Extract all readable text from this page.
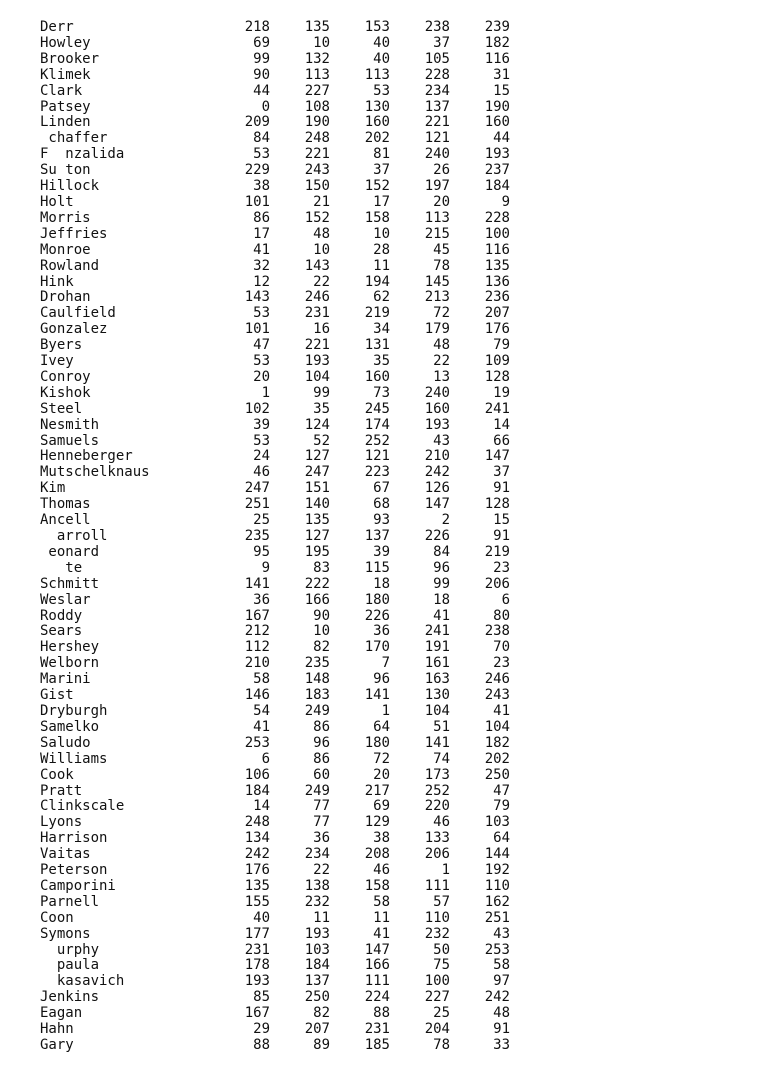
Derr	218	135	153	238	239
Howley	69	10	40	37	182
Brooker	99	132	40	105	116
Klimek	90	113	113	228	31
Clark	44	227	53	234	15
Patsey	0	108	130	137	190
Linden	209	190	160	221	160
chaffer	84	248	202	121	44
F  nzalida	53	221	81	240	193
Su ton	229	243	37	26	237
Hillock	38	150	152	197	184
Holt	101	21	17	20	9
Morris	86	152	158	113	228
Jeffries	17	48	10	215	100
Monroe	41	10	28	45	116
Rowland	32	143	11	78	135
Hink	12	22	194	145	136
Drohan	143	246	62	213	236
Caulfield	53	231	219	72	207
Gonzalez	101	16	34	179	176
Byers	47	221	131	48	79
Ivey	53	193	35	22	109
Conroy	20	104	160	13	128
Kishok	1	99	73	240	19
Steel	102	35	245	160	241
Nesmith	39	124	174	193	14
Samuels	53	52	252	43	66
Henneberger	24	127	121	210	147
Mutschelknaus	46	247	223	242	37
Kim	247	151	67	126	91
Thomas	251	140	68	147	128
Ancell	25	135	93	2	15
arroll	235	127	137	226	91
eonard	95	195	39	84	219
te	9	83	115	96	23
Schmitt	141	222	18	99	206
Weslar	36	166	180	18	6
Roddy	167	90	226	41	80
Sears	212	10	36	241	238
Hershey	112	82	170	191	70
Welborn	210	235	7	161	23
Marini	58	148	96	163	246
Gist	146	183	141	130	243
Dryburgh	54	249	1	104	41
Samelko	41	86	64	51	104
Saludo	253	96	180	141	182
Williams	6	86	72	74	202
Cook	106	60	20	173	250
Pratt	184	249	217	252	47
Clinkscale	14	77	69	220	79
Lyons	248	77	129	46	103
Harrison	134	36	38	133	64
Vaitas	242	234	208	206	144
Peterson	176	22	46	1	192
Camporini	135	138	158	111	110
Parnell	155	232	58	57	162
Coon	40	11	11	110	251
Symons	177	193	41	232	43
urphy	231	103	147	50	253
paula	178	184	166	75	58
kasavich	193	137	111	100	97
Jenkins	85	250	224	227	242
Eagan	167	82	88	25	48
Hahn	29	207	231	204	91
Gary	88	89	185	78	33
